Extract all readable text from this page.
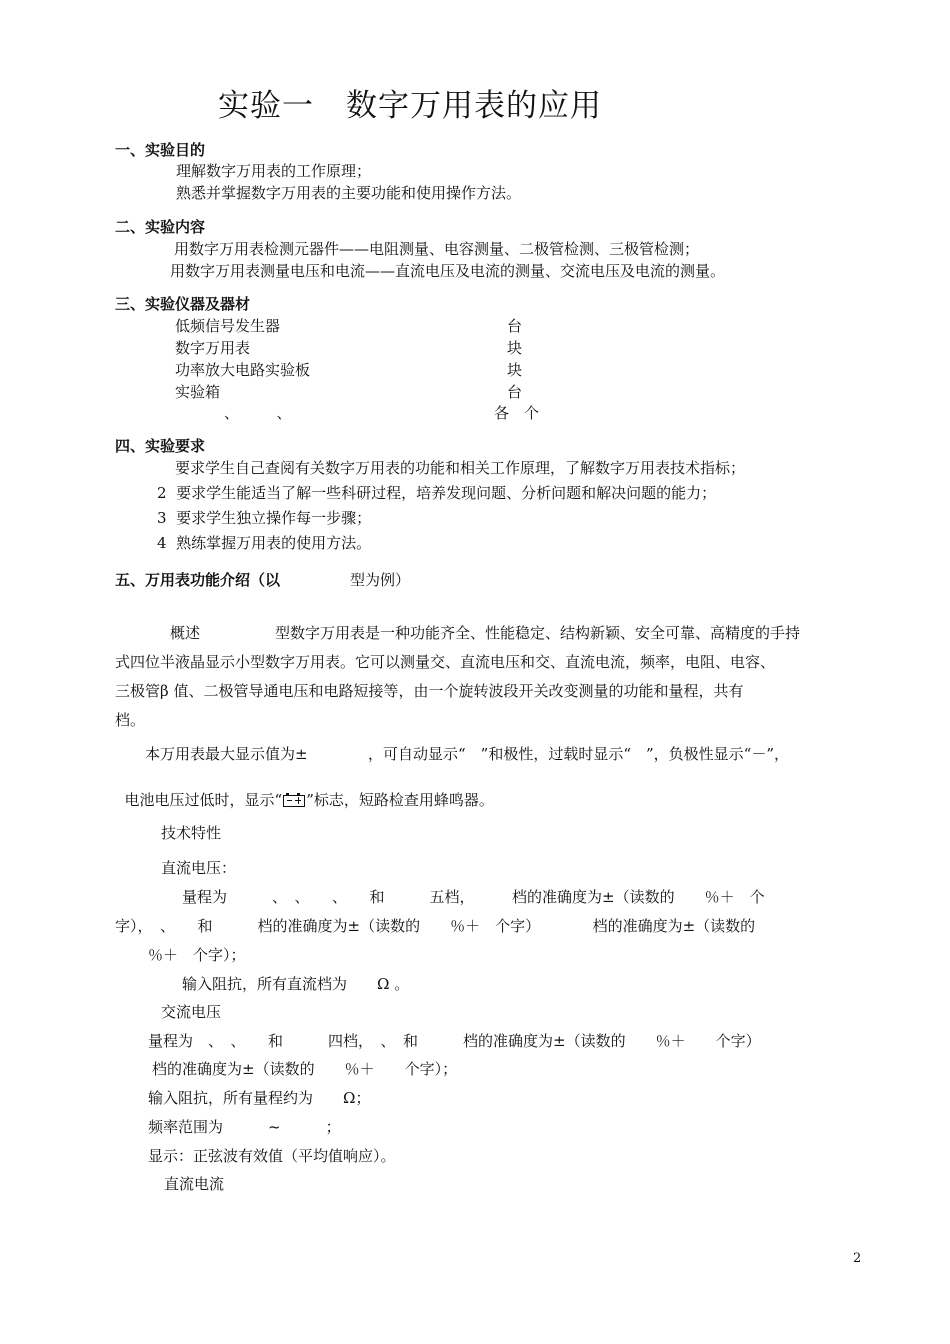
实验一　数字万用表的应用
一、实验目的
理解数字万用表的工作原理；
熟悉并掌握数字万用表的主要功能和使用操作方法。
二、实验内容
用数字万用表检测元器件——电阻测量、电容测量、二极管检测、三极管检测；
用数字万用表测量电压和电流——直流电压及电流的测量、交流电压及电流的测量。
三、实验仪器及器材
低频信号发生器	台
数字万用表	块
功率放大电路实验板	块
实验箱	台
、　　　、	各　个
四、实验要求
要求学生自己查阅有关数字万用表的功能和相关工作原理，了解数字万用表技术指标；
2  要求学生能适当了解一些科研过程，培养发现问题、分析问题和解决问题的能力；
3  要求学生独立操作每一步骤；
4  熟练掌握万用表的使用方法。
五、万用表功能介绍（以	型为例）
概述	型数字万用表是一种功能齐全、性能稳定、结构新颖、安全可靠、高精度的手持
式四位半液晶显示小型数字万用表。它可以测量交、直流电压和交、直流电流，频率，电阻、电容、
三极管β 值、二极管导通电压和电路短接等，由一个旋转波段开关改变测量的功能和量程，共有
档。
本万用表最大显示值为±	，可自动显示“　”和极性，过载时显示“　”，负极性显示“－”，

电池电压过低时，显示“ ”标志，短路检查用蜂鸣器。

技术特性
直流电压：
量程为　　　、　、　　、　　和　　　五档，　　　档的准确度为±（读数的　　％＋　个
字），　、　　和　　　档的准确度为±（读数的　　％＋　个字）　　　　档的准确度为±（读数的
％＋　个字）；
输入阻抗，所有直流档为　　Ω 。
交流电压
量程为　、　、　　和　　　四档，　、　和　　　档的准确度为±（读数的　　％＋　　个字）
档的准确度为±（读数的　　％＋　　个字）；
输入阻抗，所有量程约为　　Ω；
频率范围为　　　~　　　；
显示：正弦波有效值（平均值响应）。
直流电流
2
